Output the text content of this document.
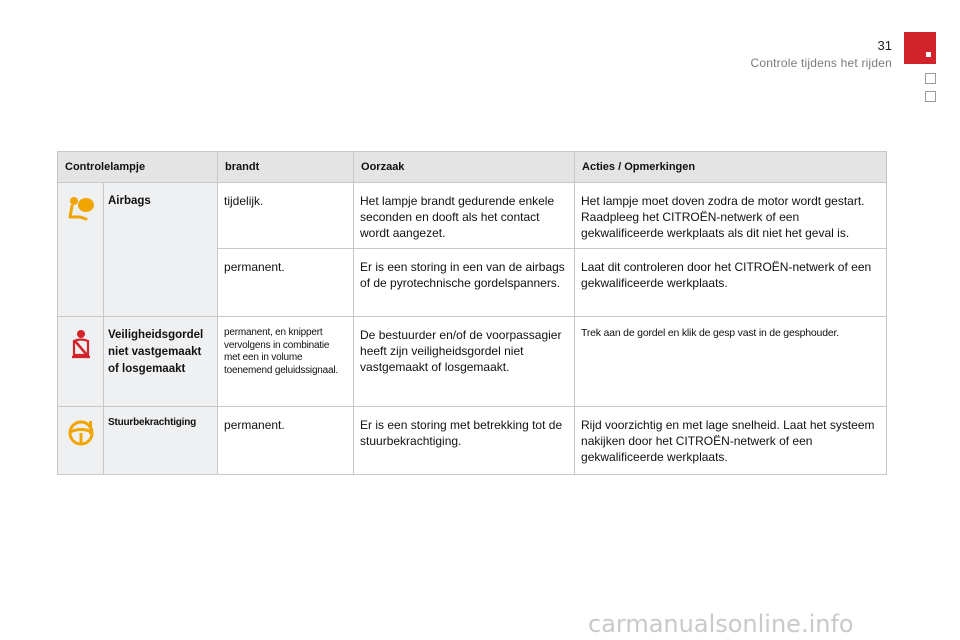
31
Controle tijdens het rijden
Controlelampje		brandt	Oorzaak	Acties / Opmerkingen

Airbags	tijdelijk.	Het lampje brandt gedurende enkele seconden en dooft als het contact wordt aangezet.	Het lampje moet doven zodra de motor wordt gestart. Raadpleeg het CITROËN-netwerk of een gekwalificeerde werkplaats als dit niet het geval is.

		permanent.	Er is een storing in een van de airbags of de pyrotechnische gordelspanners.	Laat dit controleren door het CITROËN-netwerk of een gekwalificeerde werkplaats.

Veiligheidsgordel niet vastgemaakt of losgemaakt	permanent, en knippert vervolgens in combinatie met een in volume toenemend geluidssignaal.	De bestuurder en/of de voorpassagier heeft zijn veiligheidsgordel niet vastgemaakt of losgemaakt.	Trek aan de gordel en klik de gesp vast in de gesphouder.

Stuurbekrachtiging	permanent.	Er is een storing met betrekking tot de stuurbekrachtiging.	Rijd voorzichtig en met lage snelheid. Laat het systeem nakijken door het CITROËN-netwerk of een gekwalificeerde werkplaats.
carmanualsonline.info
